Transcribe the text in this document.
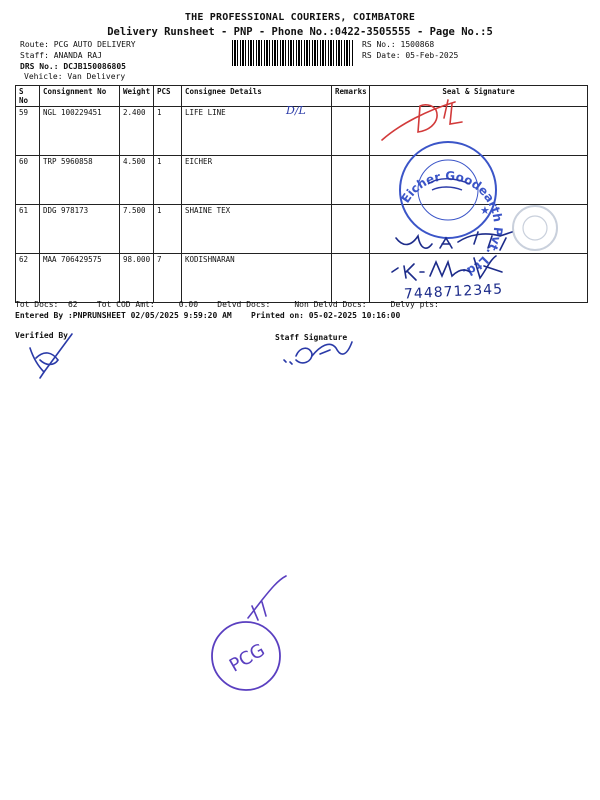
THE PROFESSIONAL COURIERS, COIMBATORE
Delivery Runsheet - PNP - Phone No.:0422-3505555 - Page No.:5
Route: PCG AUTO DELIVERY
Staff: ANANDA RAJ
DRS No.: DCJB150086805
Vehicle: Van Delivery
RS No.: 1500868
RS Date: 05-Feb-2025
S No	Consignment No	Weight	PCS	Consignee Details	Remarks	Seal & Signature
59	NGL 100229451	2.400	1	LIFE LINE		
60	TRP 5960858	4.500	1	EICHER		
61	DDG 978173	7.500	1	SHAINE TEX		
62	MAA 706429575	98.000	7	KODISHNARAN		
D/L
Tot Docs:  62    Tot COD Amt:     0.00    Delvd Docs:     Non Delvd Docs:     Delvy pts:
Entered By :PNPRUNSHEET 02/05/2025 9:59:20 AM    Printed on: 05-02-2025 10:16:00
Verified By	Staff Signature
7448712345
Eicher Goodearth Pvt. Ltd.
★
PCG
